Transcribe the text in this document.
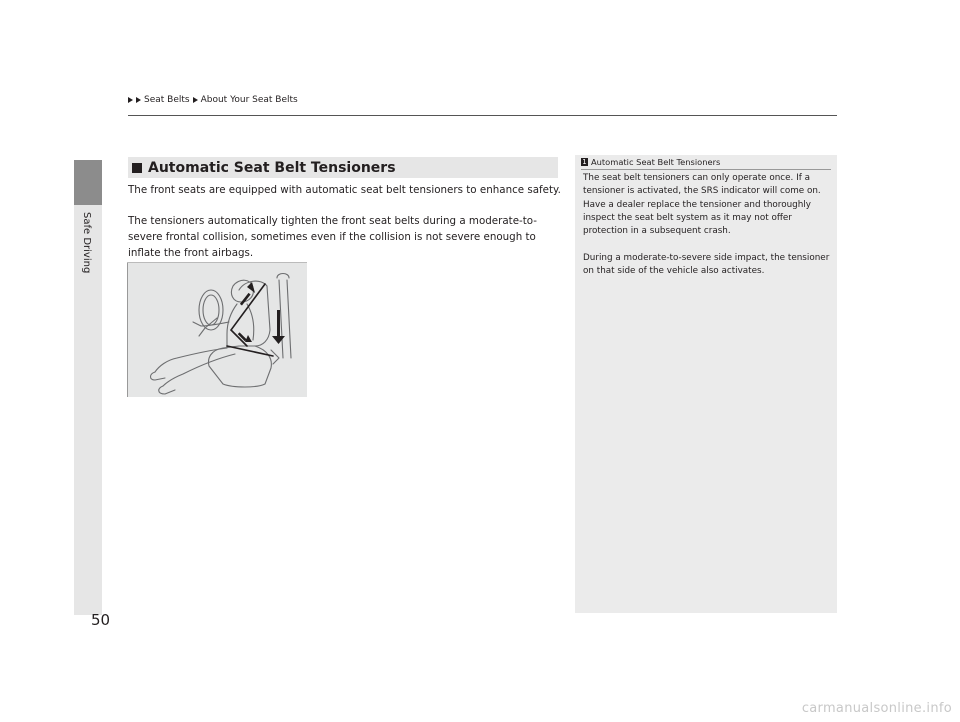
Safe Driving
Seat Belts About Your Seat Belts
Automatic Seat Belt Tensioners

The front seats are equipped with automatic seat belt tensioners to enhance safety.

The tensioners automatically tighten the front seat belts during a moderate-to-severe frontal collision, sometimes even if the collision is not severe enough to inflate the front airbags.

1 Automatic Seat Belt Tensioners

The seat belt tensioners can only operate once. If a tensioner is activated, the SRS indicator will come on. Have a dealer replace the tensioner and thoroughly inspect the seat belt system as it may not offer protection in a subsequent crash.

During a moderate-to-severe side impact, the tensioner on that side of the vehicle also activates.

50
carmanualsonline.info
